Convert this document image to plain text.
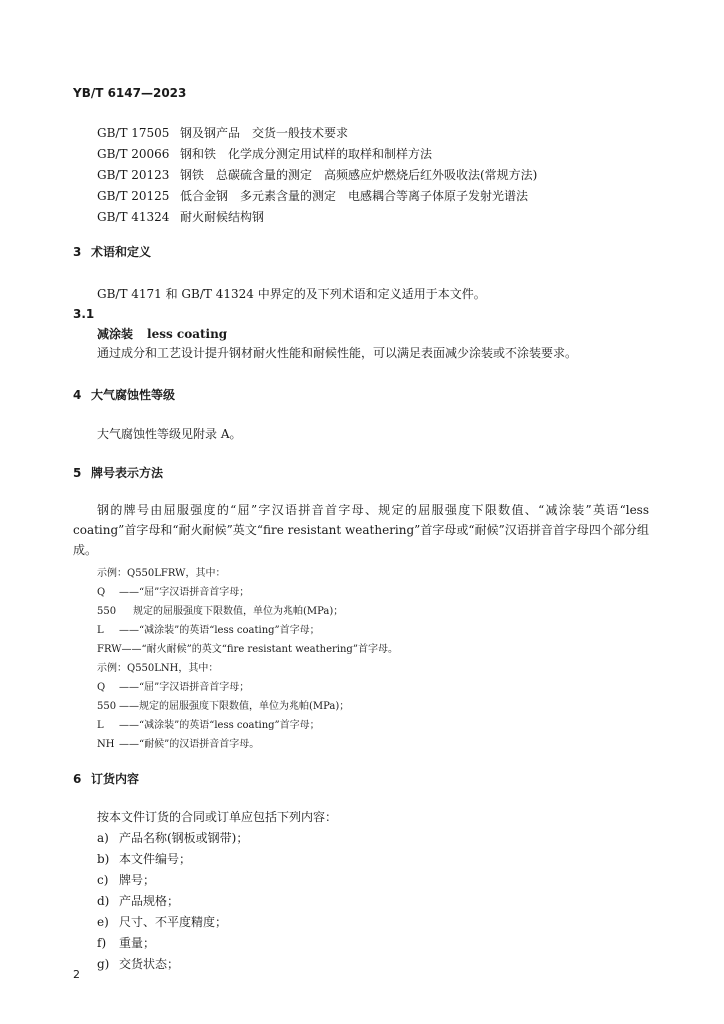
YB/T 6147—2023
GB/T 17505 钢及钢产品　交货一般技术要求
GB/T 20066 钢和铁　化学成分测定用试样的取样和制样方法
GB/T 20123 钢铁　总碳硫含量的测定　高频感应炉燃烧后红外吸收法(常规方法)
GB/T 20125 低合金钢　多元素含量的测定　电感耦合等离子体原子发射光谱法
GB/T 41324 耐火耐候结构钢
3 术语和定义
GB/T 4171 和 GB/T 41324 中界定的及下列术语和定义适用于本文件。
3.1
减涂装 less coating
通过成分和工艺设计提升钢材耐火性能和耐候性能，可以满足表面减少涂装或不涂装要求。
4 大气腐蚀性等级
大气腐蚀性等级见附录 A。
5 牌号表示方法
钢的牌号由屈服强度的“屈”字汉语拼音首字母、规定的屈服强度下限数值、“减涂装”英语“less coating”首字母和“耐火耐候”英文“fire resistant weathering”首字母或“耐候”汉语拼音首字母四个部分组成。
示例：Q550LFRW，其中：
Q ——“屈”字汉语拼音首字母；
550 规定的屈服强度下限数值，单位为兆帕(MPa)；
L ——“减涂装”的英语“less coating”首字母；
FRW——“耐火耐候”的英文“fire resistant weathering”首字母。
示例：Q550LNH，其中：
Q ——“屈”字汉语拼音首字母；
550 ——规定的屈服强度下限数值，单位为兆帕(MPa)；
L ——“减涂装”的英语“less coating”首字母；
NH ——“耐候”的汉语拼音首字母。
6 订货内容
按本文件订货的合同或订单应包括下列内容：
a) 产品名称(钢板或钢带)；
b) 本文件编号；
c) 牌号；
d) 产品规格；
e) 尺寸、不平度精度；
f) 重量；
g) 交货状态；
2
